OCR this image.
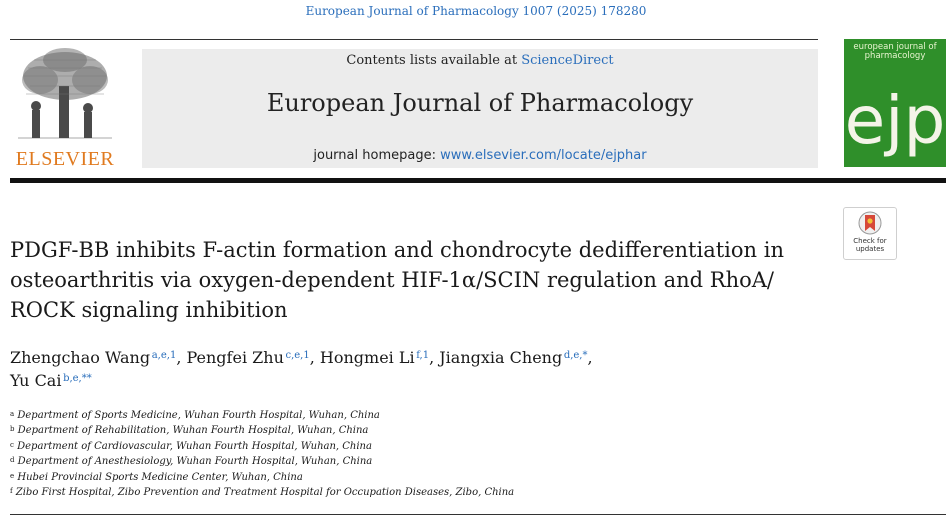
European Journal of Pharmacology 1007 (2025) 178280
ELSEVIER
Contents lists available at ScienceDirect
European Journal of Pharmacology
journal homepage: www.elsevier.com/locate/ejphar
european journal of
pharmacology
ejp
Check for
updates
PDGF-BB inhibits F-actin formation and chondrocyte dedifferentiation in
osteoarthritis via oxygen-dependent HIF-1α/SCIN regulation and RhoA/
ROCK signaling inhibition
Zhengchao Wang  $^{a,e,1}$, Pengfei Zhu  $^{c,e,1}$, Hongmei Li  $^{f,1}$, Jiangxia Cheng  $^{d,e,*}$,
Yu Cai  $^{b,e,**}$
$^a$ Department of Sports Medicine, Wuhan Fourth Hospital, Wuhan, China
$^b$ Department of Rehabilitation, Wuhan Fourth Hospital, Wuhan, China
$^c$ Department of Cardiovascular, Wuhan Fourth Hospital, Wuhan, China
$^d$ Department of Anesthesiology, Wuhan Fourth Hospital, Wuhan, China
$^e$ Hubei Provincial Sports Medicine Center, Wuhan, China
$^f$ Zibo First Hospital, Zibo Prevention and Treatment Hospital for Occupation Diseases, Zibo, China
